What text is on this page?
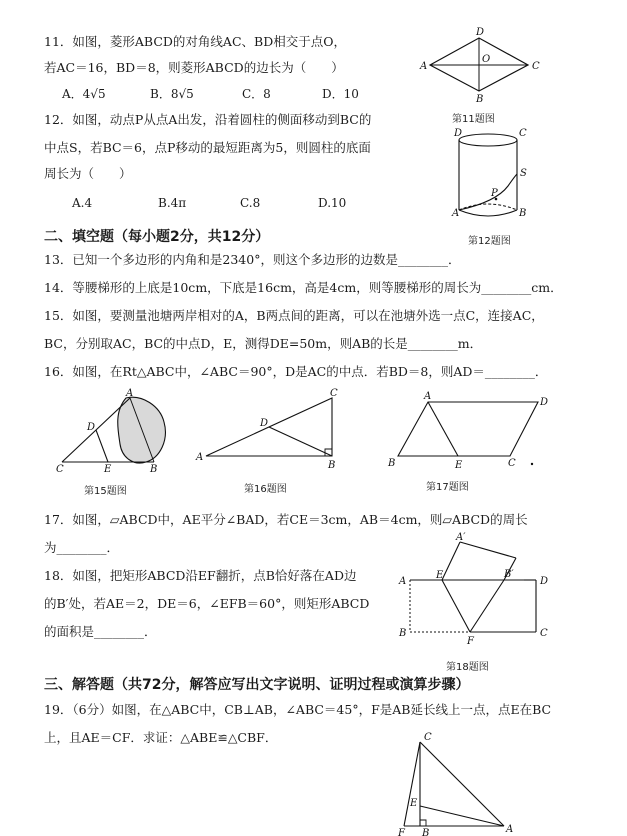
11．如图，菱形ABCD的对角线AC、BD相交于点O，
若AC＝16，BD＝8，则菱形ABCD的边长为（　　）
A．4√5	B．8√5	C．8	D．10
A
D
C
B
O
第11题图
12．如图，动点P从点A出发，沿着圆柱的侧面移动到BC的
中点S，若BC＝6，点P移动的最短距离为5，则圆柱的底面
周长为（　　）
A.4	B.4π	C.8	D.10
D	C
S
P
A	B
第12题图
二、填空题（每小题2分，共12分）
13．已知一个多边形的内角和是2340°，则这个多边形的边数是________．
14．等腰梯形的上底是10cm，下底是16cm，高是4cm，则等腰梯形的周长为________cm．
15．如图，要测量池塘两岸相对的A，B两点间的距离，可以在池塘外选一点C，连接AC，
BC，分别取AC，BC的中点D，E，测得DE=50m，则AB的长是________m．
16．如图，在Rt△ABC中，∠ABC＝90°，D是AC的中点．若BD＝8，则AD＝________．
A
D
C	E	B
第15题图
C
D
A
B
第16题图
A
D
B	E	C
第17题图
17．如图，▱ABCD中，AE平分∠BAD，若CE＝3cm，AB＝4cm，则▱ABCD的周长
为________．
18．如图，把矩形ABCD沿EF翻折，点B恰好落在AD边
的B′处，若AE＝2，DE＝6，∠EFB＝60°，则矩形ABCD
的面积是________．
A′
A
E	B′
D
B
F
C
第18题图
三、解答题（共72分，解答应写出文字说明、证明过程或演算步骤）
19．（6分）如图，在△ABC中，CB⊥AB，∠ABC＝45°，F是AB延长线上一点，点E在BC
上，且AE＝CF．求证：△ABE≌△CBF．	C
E
F B	A
